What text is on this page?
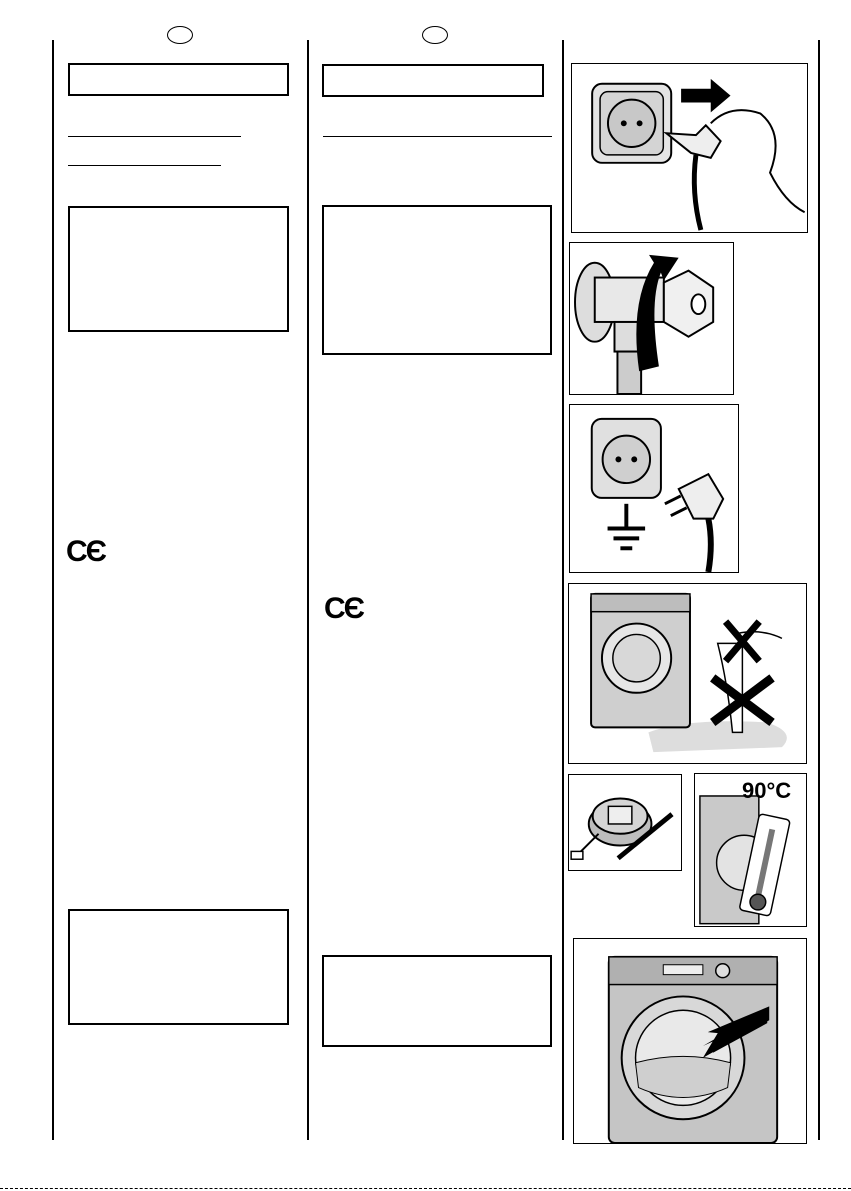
CЄ
CЄ
90°C
